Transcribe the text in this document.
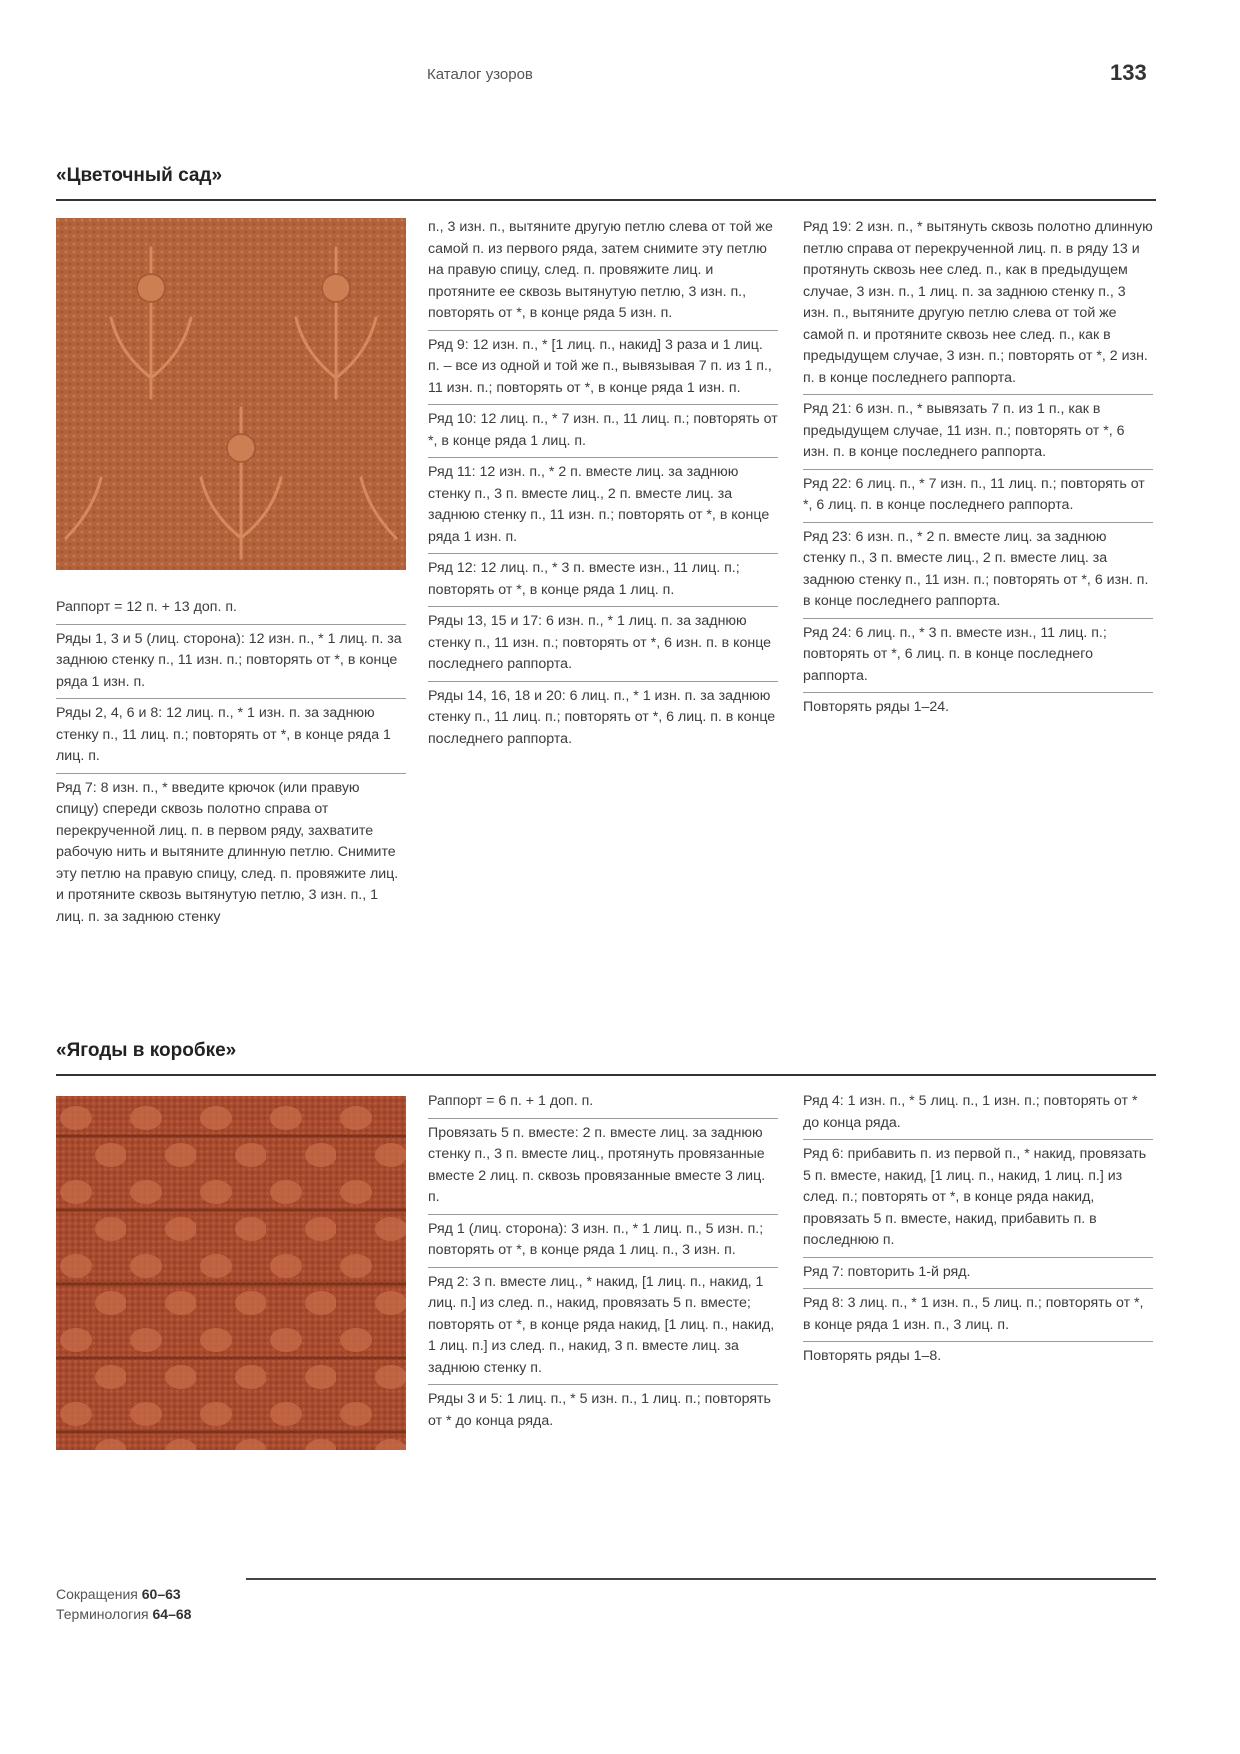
Каталог узоров	133
«Цветочный сад»
Раппорт = 12 п. + 13 доп. п.
Ряды 1, 3 и 5 (лиц. сторона): 12 изн. п., * 1 лиц. п. за заднюю стенку п., 11 изн. п.; повторять от *, в конце ряда 1 изн. п.
Ряды 2, 4, 6 и 8: 12 лиц. п., * 1 изн. п. за заднюю стенку п., 11 лиц. п.; повторять от *, в конце ряда 1 лиц. п.
Ряд 7: 8 изн. п., * введите крючок (или правую спицу) спереди сквозь полотно справа от перекрученной лиц. п. в первом ряду, захватите рабочую нить и вытяните длинную петлю. Снимите эту петлю на правую спицу, след. п. провяжите лиц. и протяните сквозь вытянутую петлю, 3 изн. п., 1 лиц. п. за заднюю стенку
п., 3 изн. п., вытяните другую петлю слева от той же самой п. из первого ряда, затем снимите эту петлю на правую спицу, след. п. провяжите лиц. и протяните ее сквозь вытянутую петлю, 3 изн. п., повторять от *, в конце ряда 5 изн. п.
Ряд 9: 12 изн. п., * [1 лиц. п., накид] 3 раза и 1 лиц. п. – все из одной и той же п., вывязывая 7 п. из 1 п., 11 изн. п.; повторять от *, в конце ряда 1 изн. п.
Ряд 10: 12 лиц. п., * 7 изн. п., 11 лиц. п.; повторять от *, в конце ряда 1 лиц. п.
Ряд 11: 12 изн. п., * 2 п. вместе лиц. за заднюю стенку п., 3 п. вместе лиц., 2 п. вместе лиц. за заднюю стенку п., 11 изн. п.; повторять от *, в конце ряда 1 изн. п.
Ряд 12: 12 лиц. п., * 3 п. вместе изн., 11 лиц. п.; повторять от *, в конце ряда 1 лиц. п.
Ряды 13, 15 и 17: 6 изн. п., * 1 лиц. п. за заднюю стенку п., 11 изн. п.; повторять от *, 6 изн. п. в конце последнего раппорта.
Ряды 14, 16, 18 и 20: 6 лиц. п., * 1 изн. п. за заднюю стенку п., 11 лиц. п.; повторять от *, 6 лиц. п. в конце последнего раппорта.
Ряд 19: 2 изн. п., * вытянуть сквозь полотно длинную петлю справа от перекрученной лиц. п. в ряду 13 и протянуть сквозь нее след. п., как в предыдущем случае, 3 изн. п., 1 лиц. п. за заднюю стенку п., 3 изн. п., вытяните другую петлю слева от той же самой п. и протяните сквозь нее след. п., как в предыдущем случае, 3 изн. п.; повторять от *, 2 изн. п. в конце последнего раппорта.
Ряд 21: 6 изн. п., * вывязать 7 п. из 1 п., как в предыдущем случае, 11 изн. п.; повторять от *, 6 изн. п. в конце последнего раппорта.
Ряд 22: 6 лиц. п., * 7 изн. п., 11 лиц. п.; повторять от *, 6 лиц. п. в конце последнего раппорта.
Ряд 23: 6 изн. п., * 2 п. вместе лиц. за заднюю стенку п., 3 п. вместе лиц., 2 п. вместе лиц. за заднюю стенку п., 11 изн. п.; повторять от *, 6 изн. п. в конце последнего раппорта.
Ряд 24: 6 лиц. п., * 3 п. вместе изн., 11 лиц. п.; повторять от *, 6 лиц. п. в конце последнего раппорта.
Повторять ряды 1–24.
«Ягоды в коробке»
Раппорт = 6 п. + 1 доп. п.
Провязать 5 п. вместе: 2 п. вместе лиц. за заднюю стенку п., 3 п. вместе лиц., протянуть провязанные вместе 2 лиц. п. сквозь провязанные вместе 3 лиц. п.
Ряд 1 (лиц. сторона): 3 изн. п., * 1 лиц. п., 5 изн. п.; повторять от *, в конце ряда 1 лиц. п., 3 изн. п.
Ряд 2: 3 п. вместе лиц., * накид, [1 лиц. п., накид, 1 лиц. п.] из след. п., накид, провязать 5 п. вместе; повторять от *, в конце ряда накид, [1 лиц. п., накид, 1 лиц. п.] из след. п., накид, 3 п. вместе лиц. за заднюю стенку п.
Ряды 3 и 5: 1 лиц. п., * 5 изн. п., 1 лиц. п.; повторять от * до конца ряда.
Ряд 4: 1 изн. п., * 5 лиц. п., 1 изн. п.; повторять от * до конца ряда.
Ряд 6: прибавить п. из первой п., * накид, провязать 5 п. вместе, накид, [1 лиц. п., накид, 1 лиц. п.] из след. п.; повторять от *, в конце ряда накид, провязать 5 п. вместе, накид, прибавить п. в последнюю п.
Ряд 7: повторить 1-й ряд.
Ряд 8: 3 лиц. п., * 1 изн. п., 5 лиц. п.; повторять от *, в конце ряда 1 изн. п., 3 лиц. п.
Повторять ряды 1–8.
Сокращения 60–63
Терминология 64–68
